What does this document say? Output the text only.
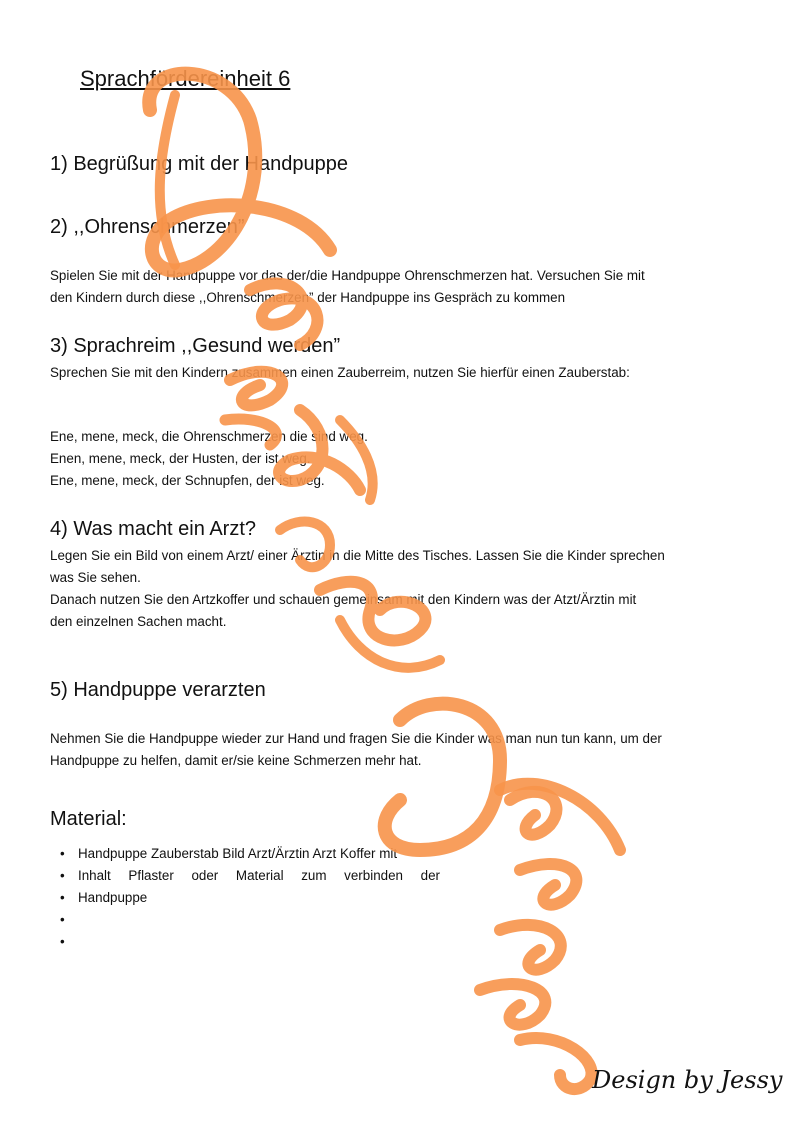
Sprachfördereinheit 6
1) Begrüßung mit der Handpuppe
2) ,,Ohrenschmerzen”
Spielen Sie mit der Handpuppe vor das der/die Handpuppe Ohrenschmerzen hat. Versuchen Sie mit
den Kindern durch diese ,,Ohrenschmerzen” der Handpuppe ins Gespräch zu kommen
3) Sprachreim ,,Gesund werden”
Sprechen Sie mit den Kindern zusammen einen Zauberreim, nutzen Sie hierfür einen Zauberstab:
Ene, mene, meck, die Ohrenschmerzen die sind weg.
Enen, mene, meck, der Husten, der ist weg.
Ene, mene, meck, der Schnupfen, der ist weg.
4) Was macht ein Arzt?
Legen Sie ein Bild von einem Arzt/ einer Ärztin in die Mitte des Tisches. Lassen Sie die Kinder sprechen
was Sie sehen.
Danach nutzen Sie den Artzkoffer und schauen gemeinsam mit den Kindern was der Atzt/Ärztin mit
den einzelnen Sachen macht.
5) Handpuppe verarzten
Nehmen Sie die Handpuppe wieder zur Hand und fragen Sie die Kinder was man nun tun kann, um der
Handpuppe zu helfen, damit er/sie keine Schmerzen mehr hat.
Material:
• Handpuppe Zauberstab Bild Arzt/Ärztin Arzt Koffer mit
• Inhalt Pflaster oder Material zum verbinden der
• Handpuppe
•
•
Design by Jessy
